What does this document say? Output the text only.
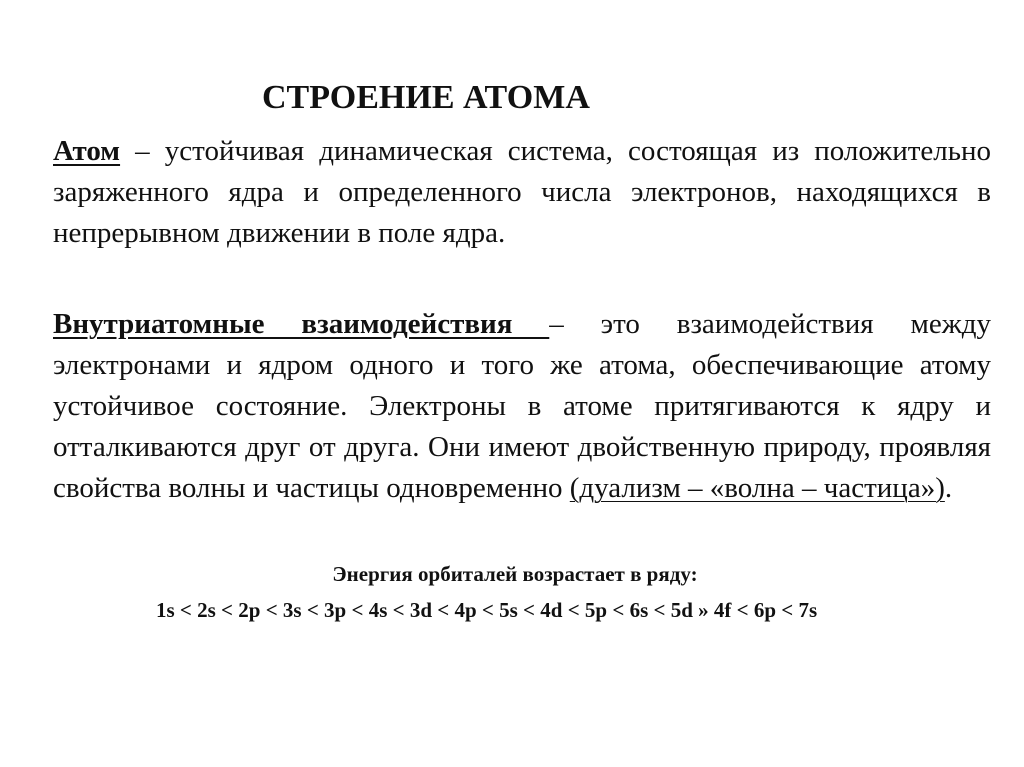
СТРОЕНИЕ АТОМА
Атом – устойчивая динамическая система, состоящая из положительно заряженного ядра и определенного числа электронов, находящихся в непрерывном движении в поле ядра.
Внутриатомные взаимодействия – это взаимодействия между электронами и ядром одного и того же атома, обеспечивающие атому устойчивое состояние. Электроны в атоме притягиваются к ядру и отталкиваются друг от друга. Они имеют двойственную природу, проявляя свойства волны и частицы одновременно (дуализм – «волна – частица»).
Энергия орбиталей возрастает в ряду:
1s < 2s < 2p < 3s < 3p < 4s < 3d < 4p < 5s < 4d < 5p < 6s < 5d » 4f < 6p < 7s
